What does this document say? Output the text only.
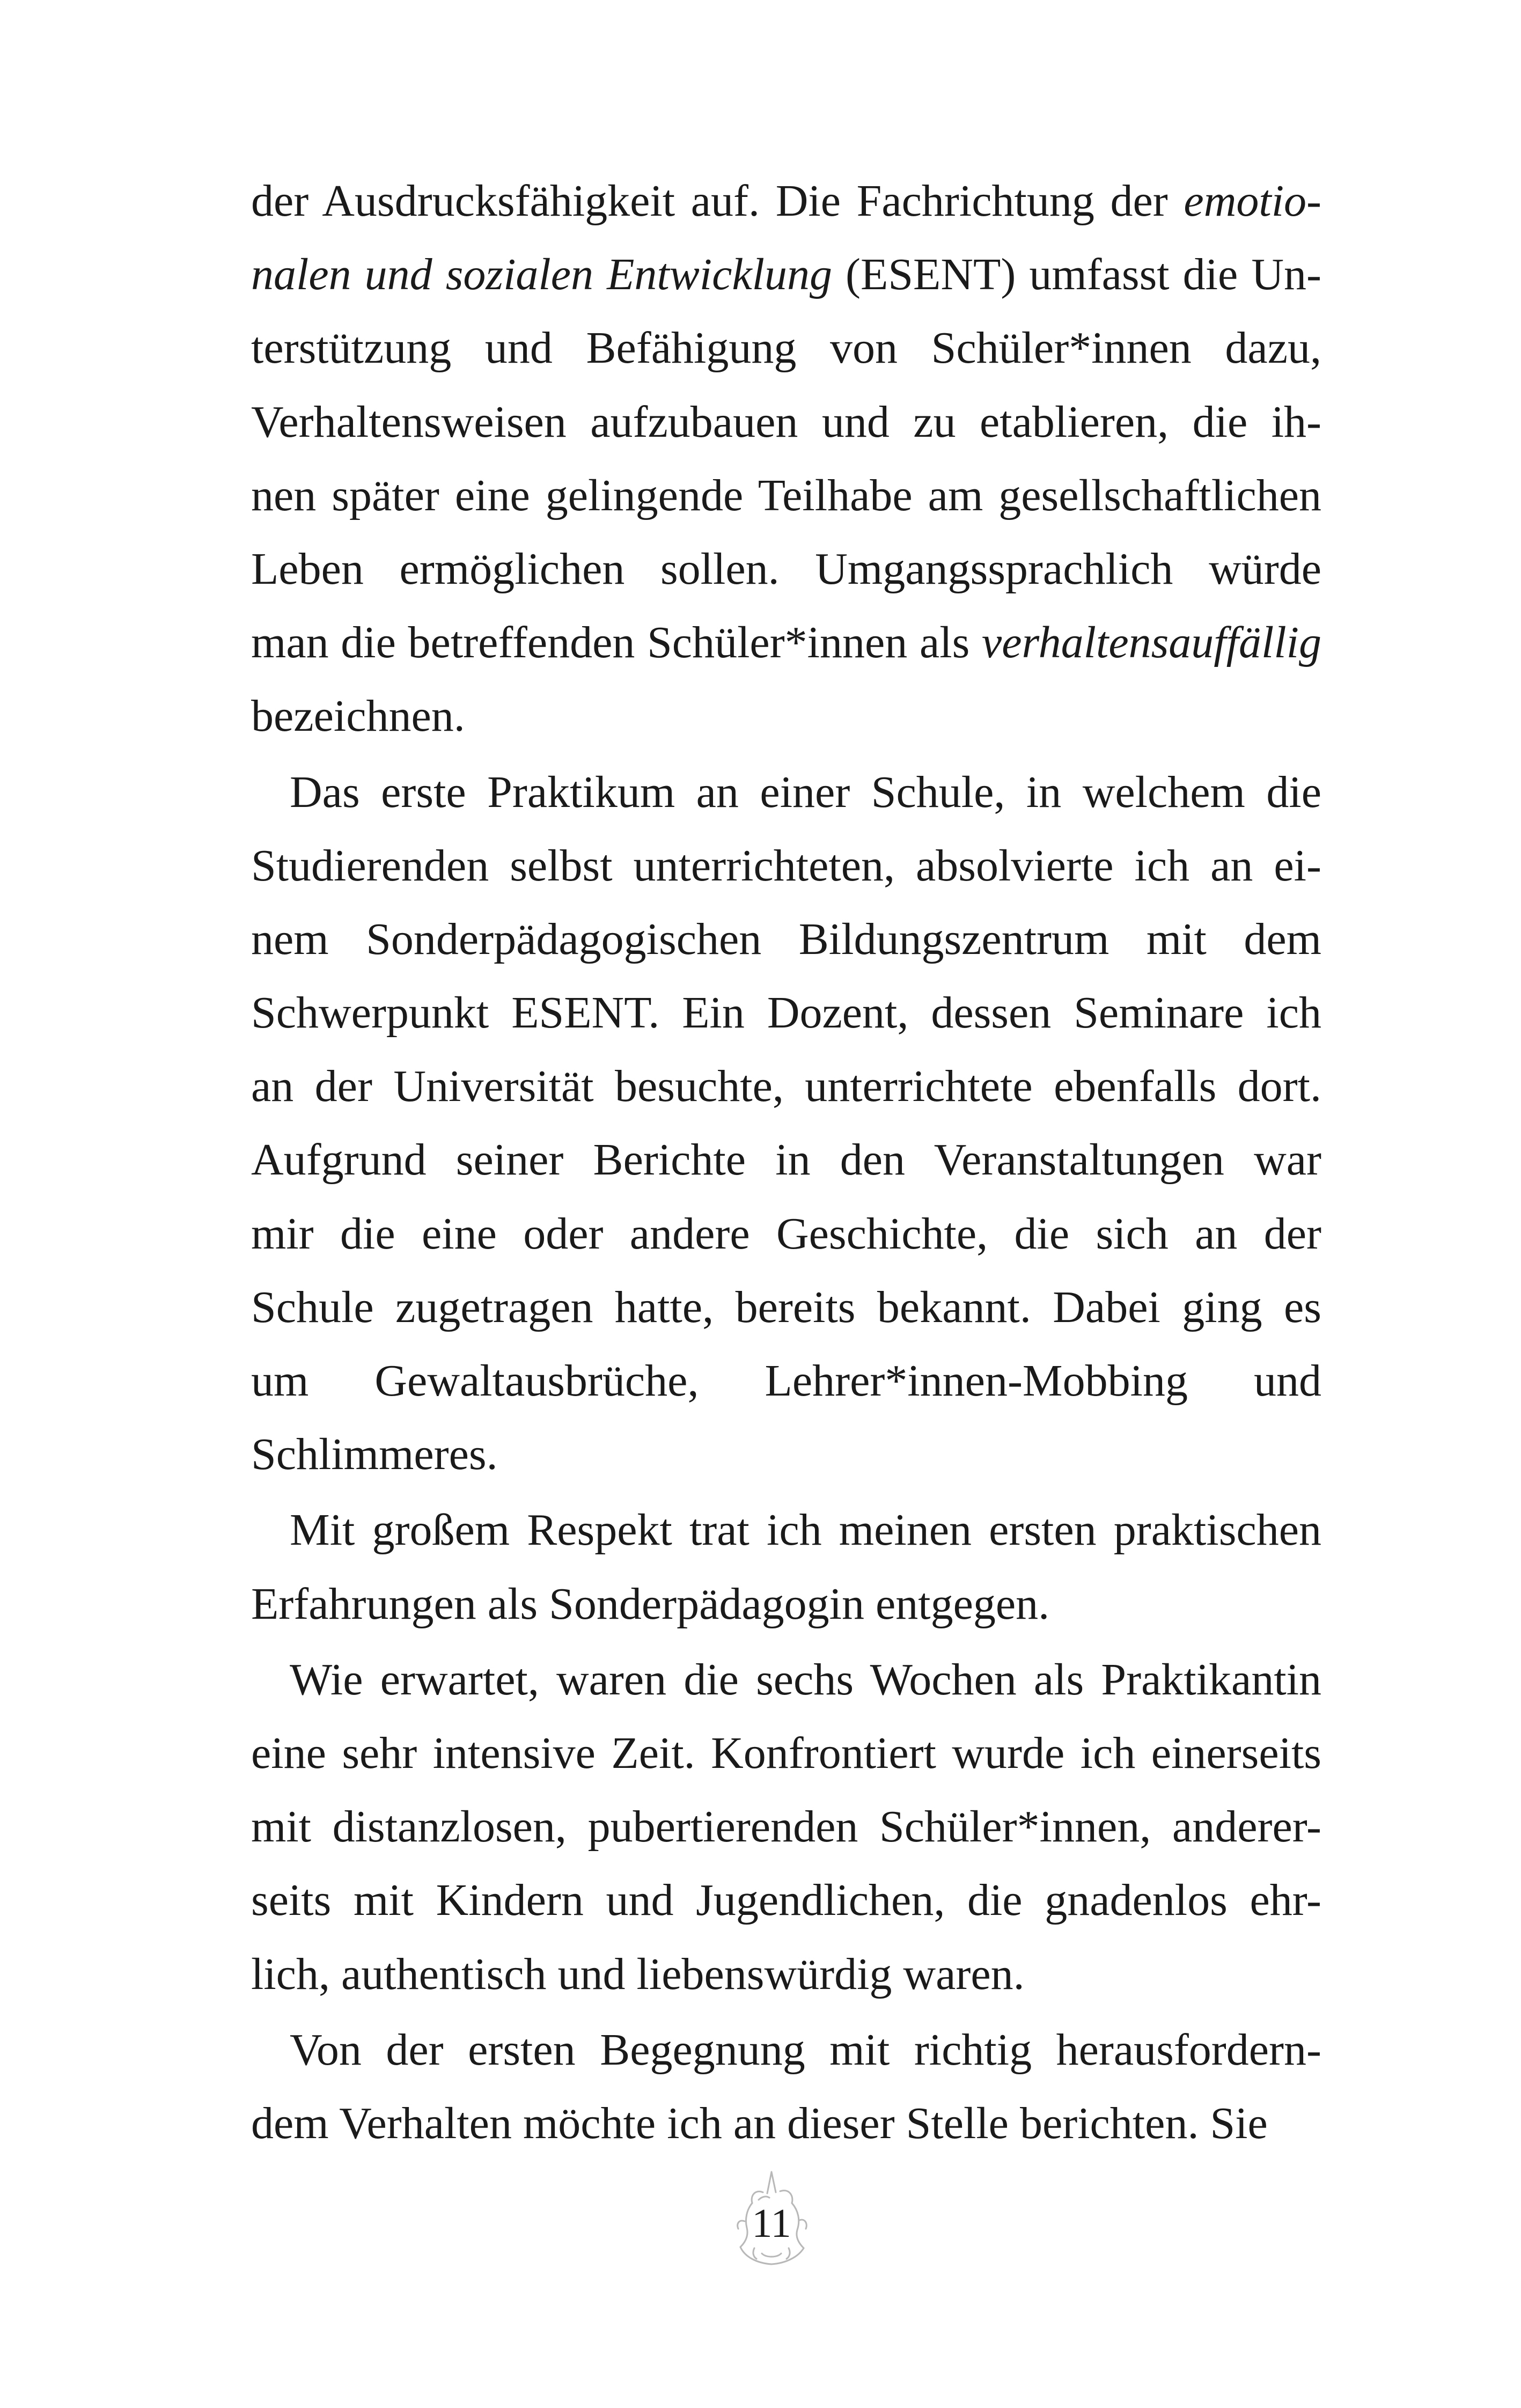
der Ausdrucksfähigkeit auf. Die Fachrichtung der emotio-
nalen und sozialen Entwicklung (ESENT) umfasst die Un-
terstützung und Befähigung von Schüler*innen dazu,
Verhaltensweisen aufzubauen und zu etablieren, die ih-
nen später eine gelingende Teilhabe am gesellschaftlichen
Leben ermöglichen sollen. Umgangssprachlich würde
man die betreffenden Schüler*innen als verhaltensauffällig
bezeichnen.
Das erste Praktikum an einer Schule, in welchem die
Studierenden selbst unterrichteten, absolvierte ich an ei-
nem Sonderpädagogischen Bildungszentrum mit dem
Schwerpunkt ESENT. Ein Dozent, dessen Seminare ich
an der Universität besuchte, unterrichtete ebenfalls dort.
Aufgrund seiner Berichte in den Veranstaltungen war
mir die eine oder andere Geschichte, die sich an der
Schule zugetragen hatte, bereits bekannt. Dabei ging es
um Gewaltausbrüche, Lehrer*innen-Mobbing und
Schlimmeres.
Mit großem Respekt trat ich meinen ersten praktischen
Erfahrungen als Sonderpädagogin entgegen.
Wie erwartet, waren die sechs Wochen als Praktikantin
eine sehr intensive Zeit. Konfrontiert wurde ich einerseits
mit distanzlosen, pubertierenden Schüler*innen, anderer-
seits mit Kindern und Jugendlichen, die gnadenlos ehr-
lich, authentisch und liebenswürdig waren.
Von der ersten Begegnung mit richtig herausfordern-
dem Verhalten möchte ich an dieser Stelle berichten. Sie
11
